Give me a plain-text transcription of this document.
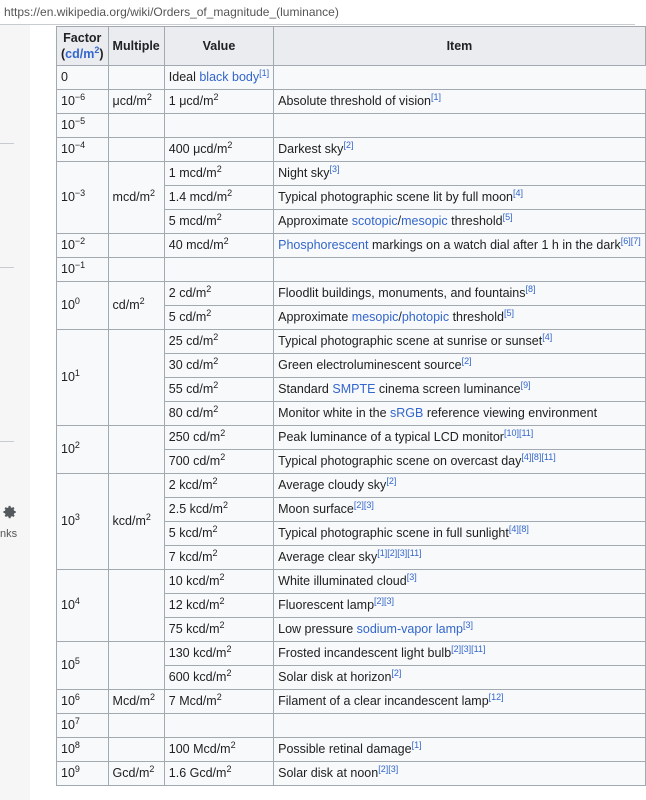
https://en.wikipedia.org/wiki/Orders_of_magnitude_(luminance)
nks
Factor
$(cd/m^2)$	Multiple	Value	Item
0		Ideal black body[1]
$10^{-6}$	μcd/$m^2$	1 μcd/$m^2$	Absolute threshold of vision[1]
$10^{-5}$			
$10^{-4}$		400 μcd/$m^2$	Darkest sky[2]
$10^{-3}$	mcd/$m^2$	1 mcd/$m^2$	Night sky[3]
		1.4 mcd/$m^2$	Typical photographic scene lit by full moon[4]
		5 mcd/$m^2$	Approximate scotopic/mesopic threshold[5]
$10^{-2}$		40 mcd/$m^2$	Phosphorescent markings on a watch dial after 1 h in the dark[6][7]
$10^{-1}$			
$10^0$	$cd/m^2$	2 $cd/m^2$	Floodlit buildings, monuments, and fountains[8]
		5 $cd/m^2$	Approximate mesopic/photopic threshold[5]
$10^1$		25 $cd/m^2$	Typical photographic scene at sunrise or sunset[4]
		30 $cd/m^2$	Green electroluminescent source[2]
		55 $cd/m^2$	Standard SMPTE cinema screen luminance[9]
		80 $cd/m^2$	Monitor white in the sRGB reference viewing environment
$10^2$		250 $cd/m^2$	Peak luminance of a typical LCD monitor[10][11]
		700 $cd/m^2$	Typical photographic scene on overcast day[4][8][11]
$10^3$	kcd/$m^2$	2 kcd/$m^2$	Average cloudy sky[2]
		2.5 kcd/$m^2$	Moon surface[2][3]
		5 kcd/$m^2$	Typical photographic scene in full sunlight[4][8]
		7 kcd/$m^2$	Average clear sky[1][2][3][11]
$10^4$		10 kcd/$m^2$	White illuminated cloud[3]
		12 kcd/$m^2$	Fluorescent lamp[2][3]
		75 kcd/$m^2$	Low pressure sodium-vapor lamp[3]
$10^5$		130 kcd/$m^2$	Frosted incandescent light bulb[2][3][11]
		600 kcd/$m^2$	Solar disk at horizon[2]
$10^6$	Mcd/$m^2$	7 Mcd/$m^2$	Filament of a clear incandescent lamp[12]
$10^7$			
$10^8$		100 Mcd/$m^2$	Possible retinal damage[1]
$10^9$	Gcd/$m^2$	1.6 Gcd/$m^2$	Solar disk at noon[2][3]
